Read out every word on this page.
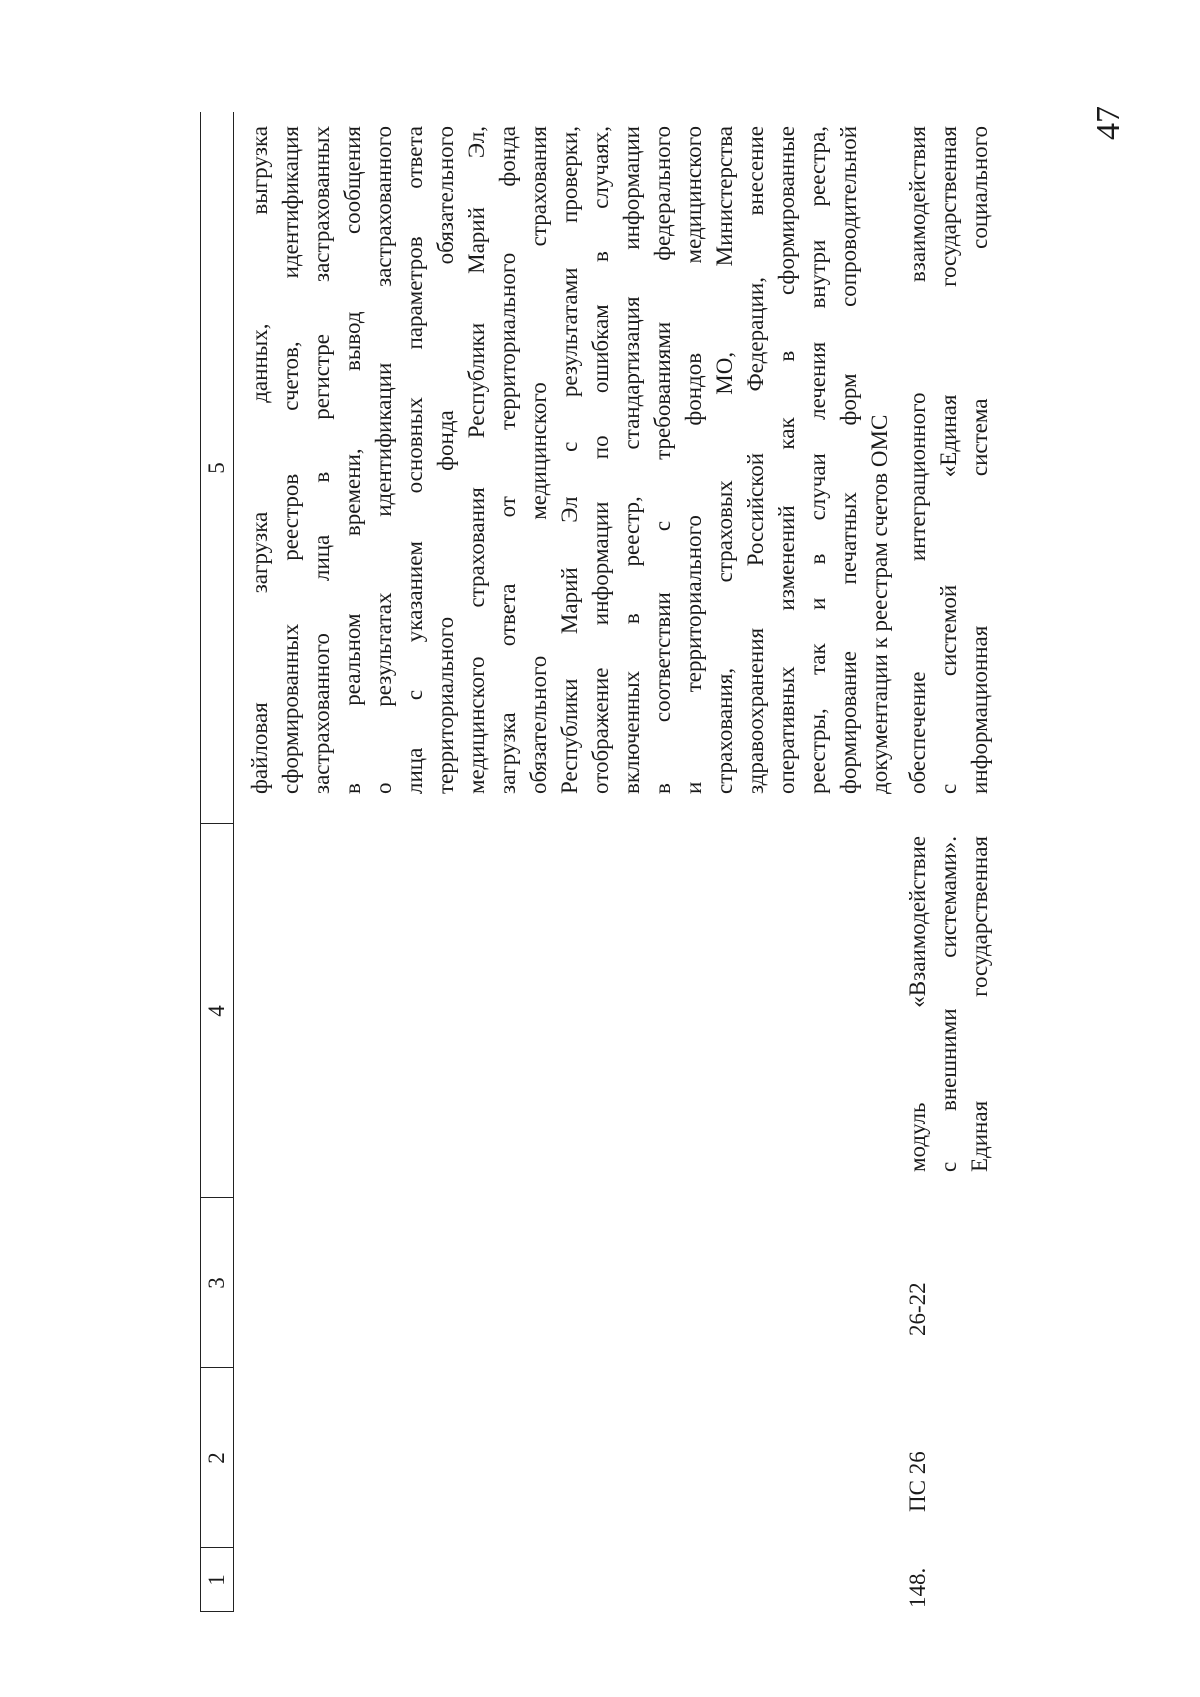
47
1
2
3
4
5 файловая загрузка данных, выгрузка сформированных реестров счетов, идентификация застрахованного лица в регистре застрахованных в реальном времени, вывод сообщения о результатах идентификации застрахованного лица с указанием основных параметров ответа территориального фонда обязательного медицинского страхования Республики Марий Эл, загрузка ответа от территориального фонда обязательного медицинского страхования Республики Марий Эл с результатами проверки, отображение информации по ошибкам в случаях, включенных в реестр, стандартизация информации в соответствии с требованиями федерального и территориального фондов медицинского страхования, страховых МО, Министерства здравоохранения Российской Федерации, внесение оперативных изменений как в сформированные реестры, так и в случаи лечения внутри реестра, формирование печатных форм сопроводительной документации к реестрам счетов ОМС
148.
ПС 26
26-22
модуль «Взаимодействие с внешними системами». Единая государственная
обеспечение интеграционного взаимодействия с системой «Единая государственная информационная система социального
